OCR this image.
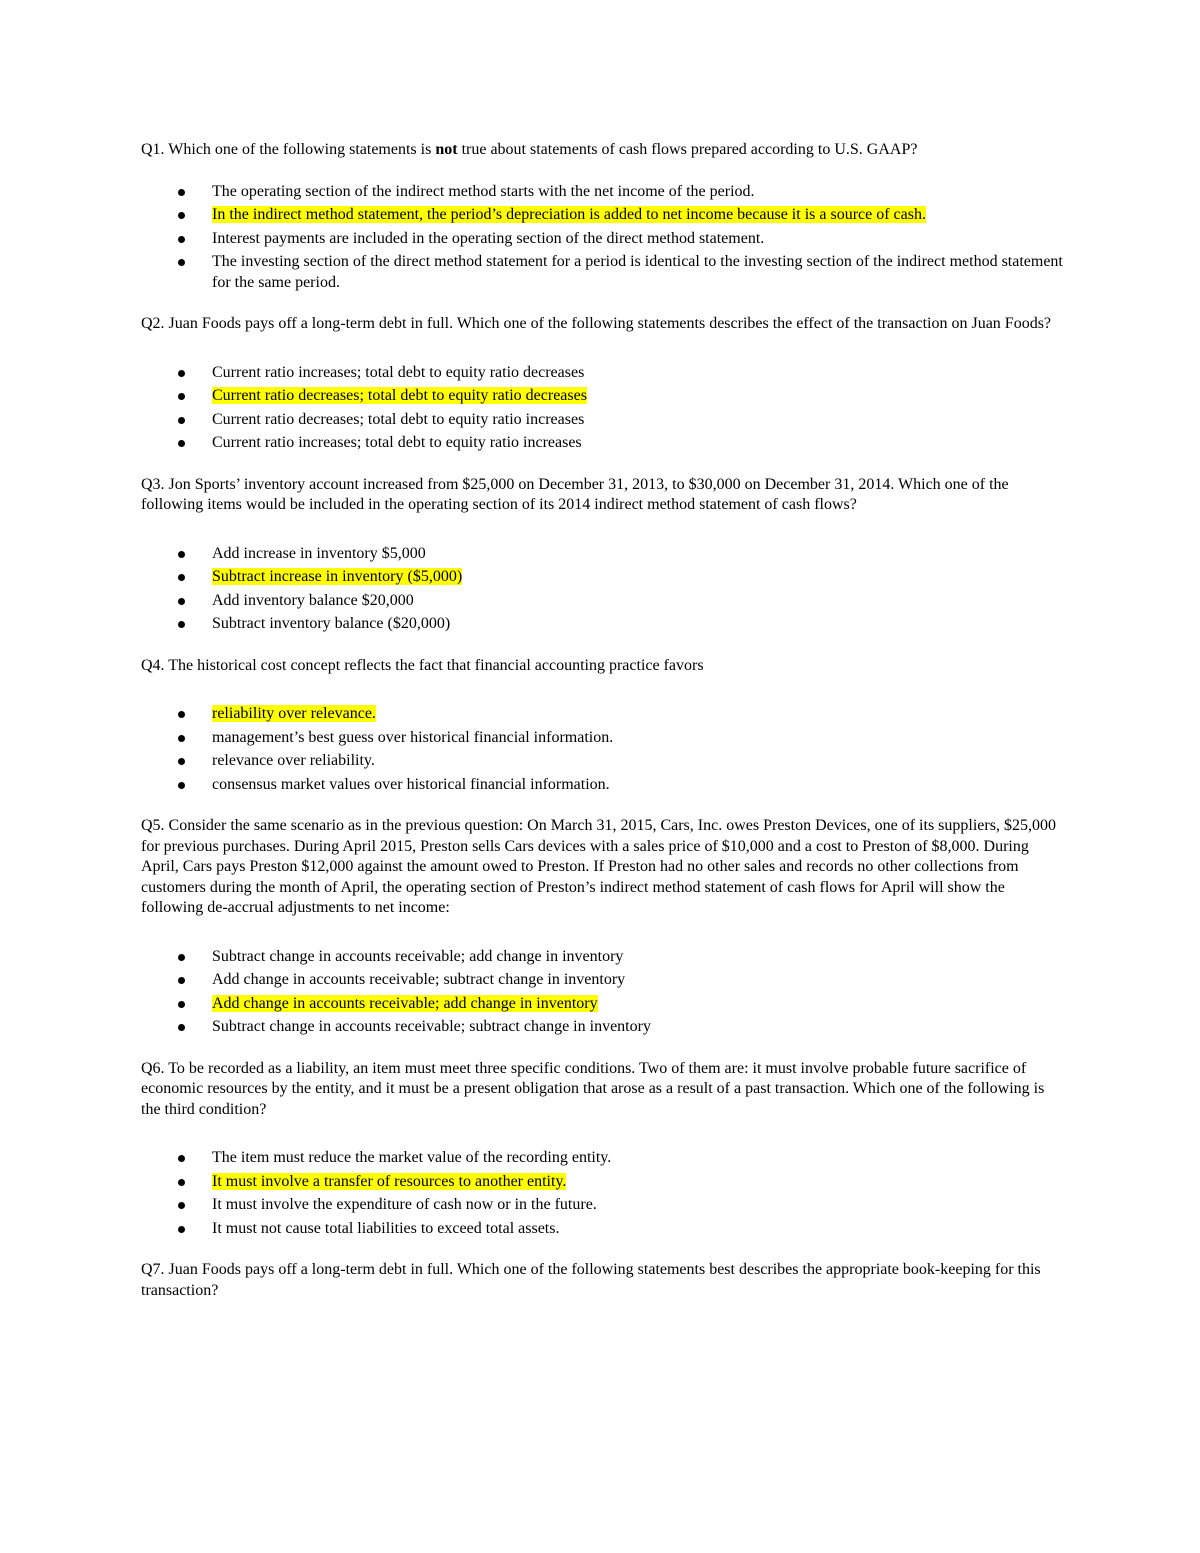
Q1. Which one of the following statements is not true about statements of cash flows prepared according to U.S. GAAP?

The operating section of the indirect method starts with the net income of the period.
In the indirect method statement, the period’s depreciation is added to net income because it is a source of cash.
Interest payments are included in the operating section of the direct method statement.
The investing section of the direct method statement for a period is identical to the investing section of the indirect method statement for the same period.

Q2. Juan Foods pays off a long-term debt in full. Which one of the following statements describes the effect of the transaction on Juan Foods?

Current ratio increases; total debt to equity ratio decreases
Current ratio decreases; total debt to equity ratio decreases
Current ratio decreases; total debt to equity ratio increases
Current ratio increases; total debt to equity ratio increases

Q3. Jon Sports’ inventory account increased from $25,000 on December 31, 2013, to $30,000 on December 31, 2014. Which one of the following items would be included in the operating section of its 2014 indirect method statement of cash flows?

Add increase in inventory $5,000
Subtract increase in inventory ($5,000)
Add inventory balance $20,000
Subtract inventory balance ($20,000)

Q4. The historical cost concept reflects the fact that financial accounting practice favors

reliability over relevance.
management’s best guess over historical financial information.
relevance over reliability.
consensus market values over historical financial information.

Q5. Consider the same scenario as in the previous question: On March 31, 2015, Cars, Inc. owes Preston Devices, one of its suppliers, $25,000 for previous purchases. During April 2015, Preston sells Cars devices with a sales price of $10,000 and a cost to Preston of $8,000. During April, Cars pays Preston $12,000 against the amount owed to Preston. If Preston had no other sales and records no other collections from customers during the month of April, the operating section of Preston’s indirect method statement of cash flows for April will show the following de-accrual adjustments to net income:

Subtract change in accounts receivable; add change in inventory
Add change in accounts receivable; subtract change in inventory
Add change in accounts receivable; add change in inventory
Subtract change in accounts receivable; subtract change in inventory

Q6. To be recorded as a liability, an item must meet three specific conditions. Two of them are: it must involve probable future sacrifice of economic resources by the entity, and it must be a present obligation that arose as a result of a past transaction. Which one of the following is the third condition?

The item must reduce the market value of the recording entity.
It must involve a transfer of resources to another entity.
It must involve the expenditure of cash now or in the future.
It must not cause total liabilities to exceed total assets.

Q7. Juan Foods pays off a long-term debt in full. Which one of the following statements best describes the appropriate book-keeping for this transaction?
